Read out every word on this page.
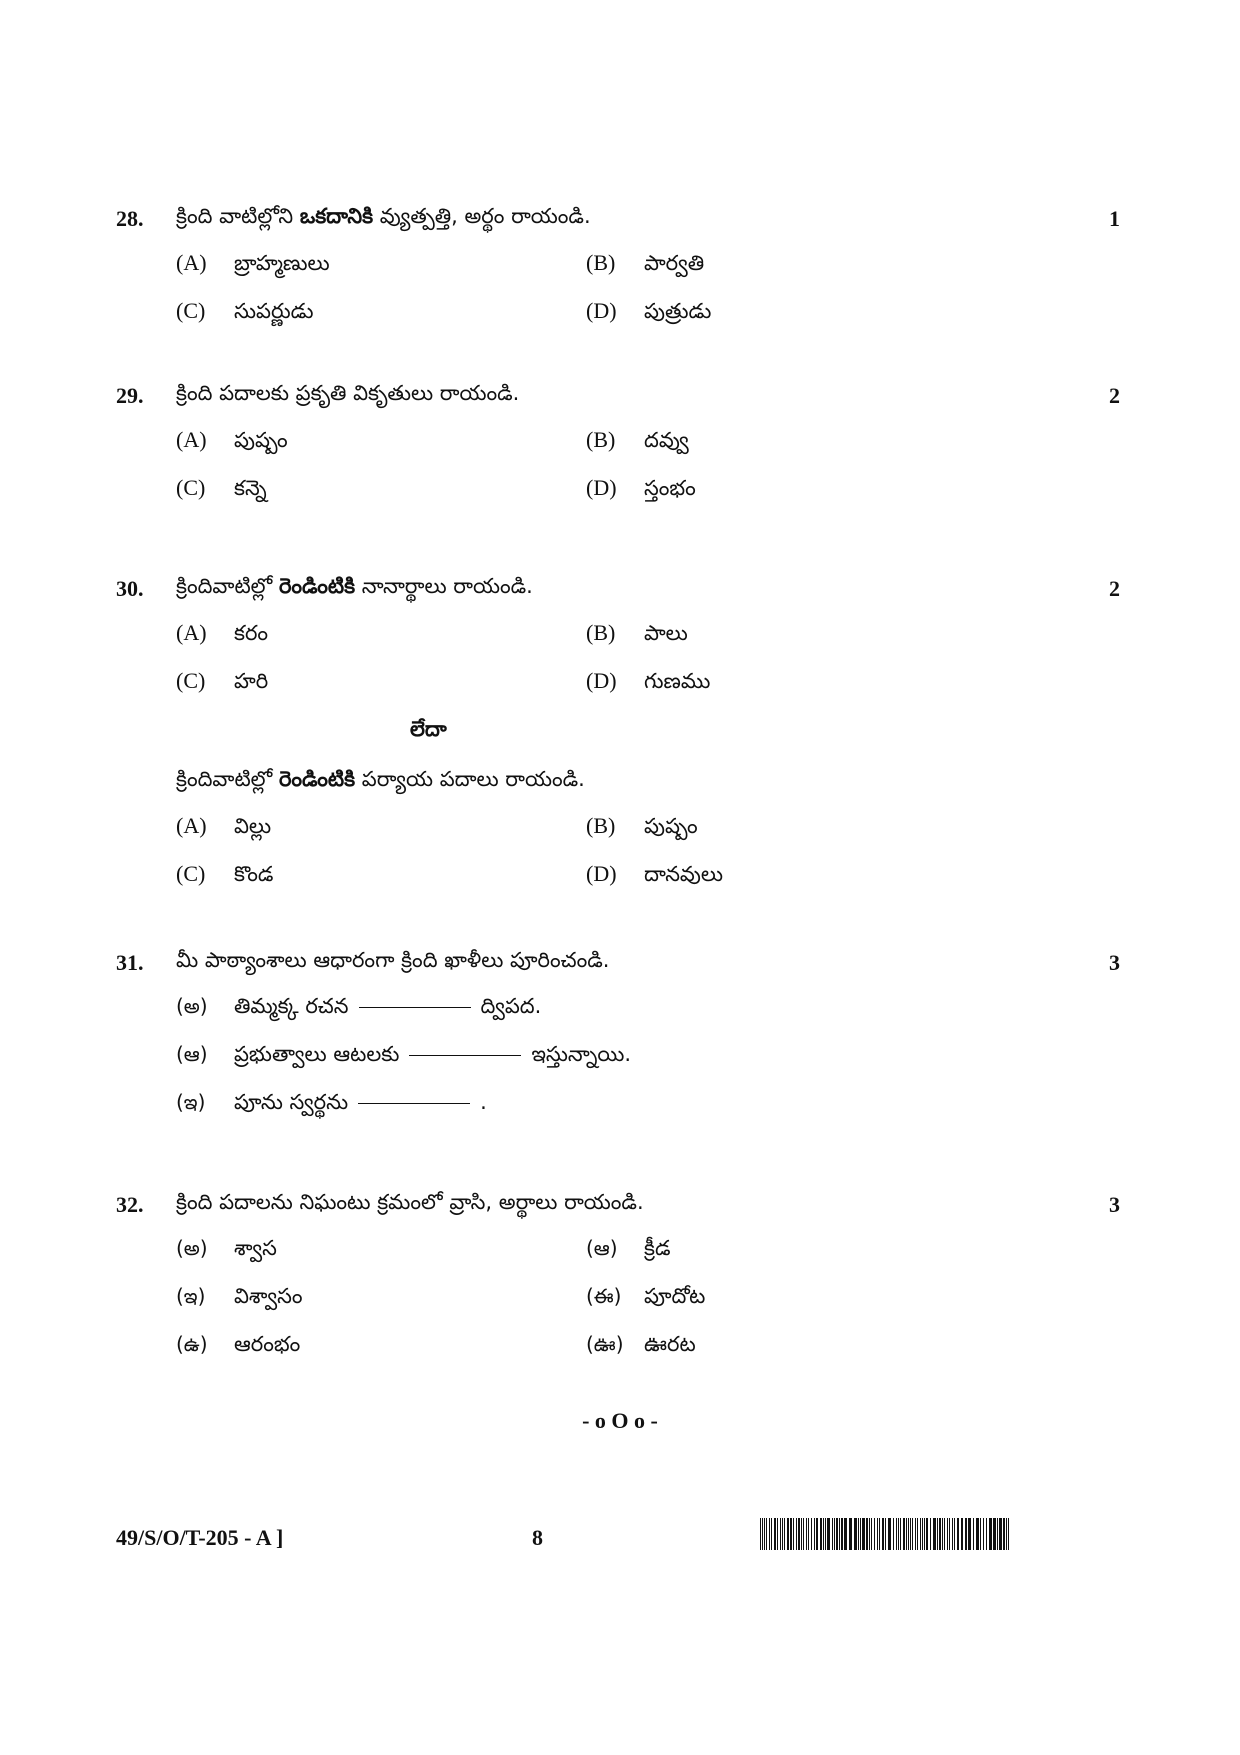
28. క్రింది వాటిల్లోని ఒకదానికి వ్యుత్పత్తి, అర్థం రాయండి.	1
(A) బ్రాహ్మణులు	(B) పార్వతి
(C) సుపర్ణుడు	(D) పుత్రుడు
29. క్రింది పదాలకు ప్రకృతి వికృతులు రాయండి.	2
(A) పుష్పం	(B) దవ్వు
(C) కన్నె	(D) స్తంభం
30. క్రిందివాటిల్లో రెండింటికి నానార్థాలు రాయండి.	2
(A) కరం	(B) పాలు
(C) హరి	(D) గుణము
లేదా
క్రిందివాటిల్లో రెండింటికి పర్యాయ పదాలు రాయండి.
(A) విల్లు	(B) పుష్పం
(C) కొండ	(D) దానవులు
31. మీ పాఠ్యాంశాలు ఆధారంగా క్రింది ఖాళీలు పూరించండి.	3
(అ) తిమ్మక్క రచన	ద్విపద.
(ఆ) ప్రభుత్వాలు ఆటలకు	ఇస్తున్నాయి.
(ఇ) పూను స్వర్థను	.
32. క్రింది పదాలను నిఘంటు క్రమంలో వ్రాసి, అర్థాలు రాయండి.	3
(అ) శ్వాస	(ఆ) క్రీడ
(ఇ) విశ్వాసం	(ఈ) పూదోట
(ఉ) ఆరంభం	(ఊ) ఊరట
- o O o -
49/S/O/T-205 - A ]	8
